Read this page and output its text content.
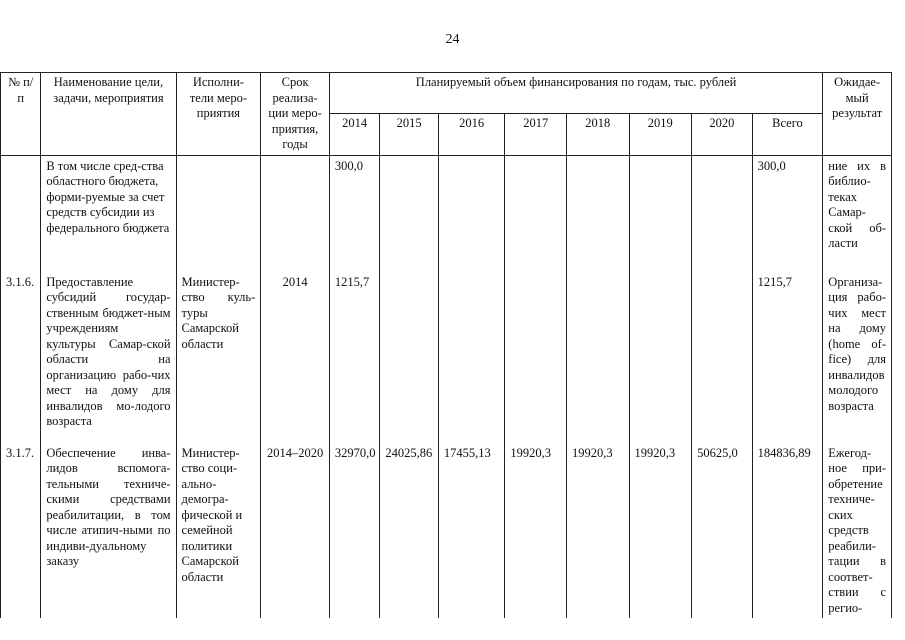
24
№ п/п	Наименование цели, задачи, мероприятия	Исполни-тели меро-приятия	Срок реализа-ции меро-приятия, годы	Планируемый объем финансирования по годам, тыс. рублей								Ожидае-мый результат
				2014	2015	2016	2017	2018	2019	2020	Всего	
	В том числе сред-ства областного бюджета, форми-руемые за счет средств субсидии из федерального бюджета			300,0							300,0	ние их в библио-теках Самар-ской об-ласти
3.1.6.	Предоставление субсидий государ-ственным бюджет-ным учреждениям культуры Самар-ской области на организацию рабо-чих мест на дому для инвалидов мо-лодого возраста	Министер-ство куль-туры Самарской области	2014	1215,7							1215,7	Организа-ция рабо-чих мест на дому (home of-fice) для инвалидов молодого возраста
3.1.7.	Обеспечение инва-лидов вспомога-тельными техниче-скими средствами реабилитации, в том числе атипич-ными по индиви-дуальному заказу	Министер-ство соци-ально-демогра-фической и семейной политики Самарской области	2014–2020	32970,0	24025,86	17455,13	19920,3	19920,3	19920,3	50625,0	184836,89	Ежегод-ное при-обретение техниче-ских средств реабили-тации в соответ-ствии с регио-
